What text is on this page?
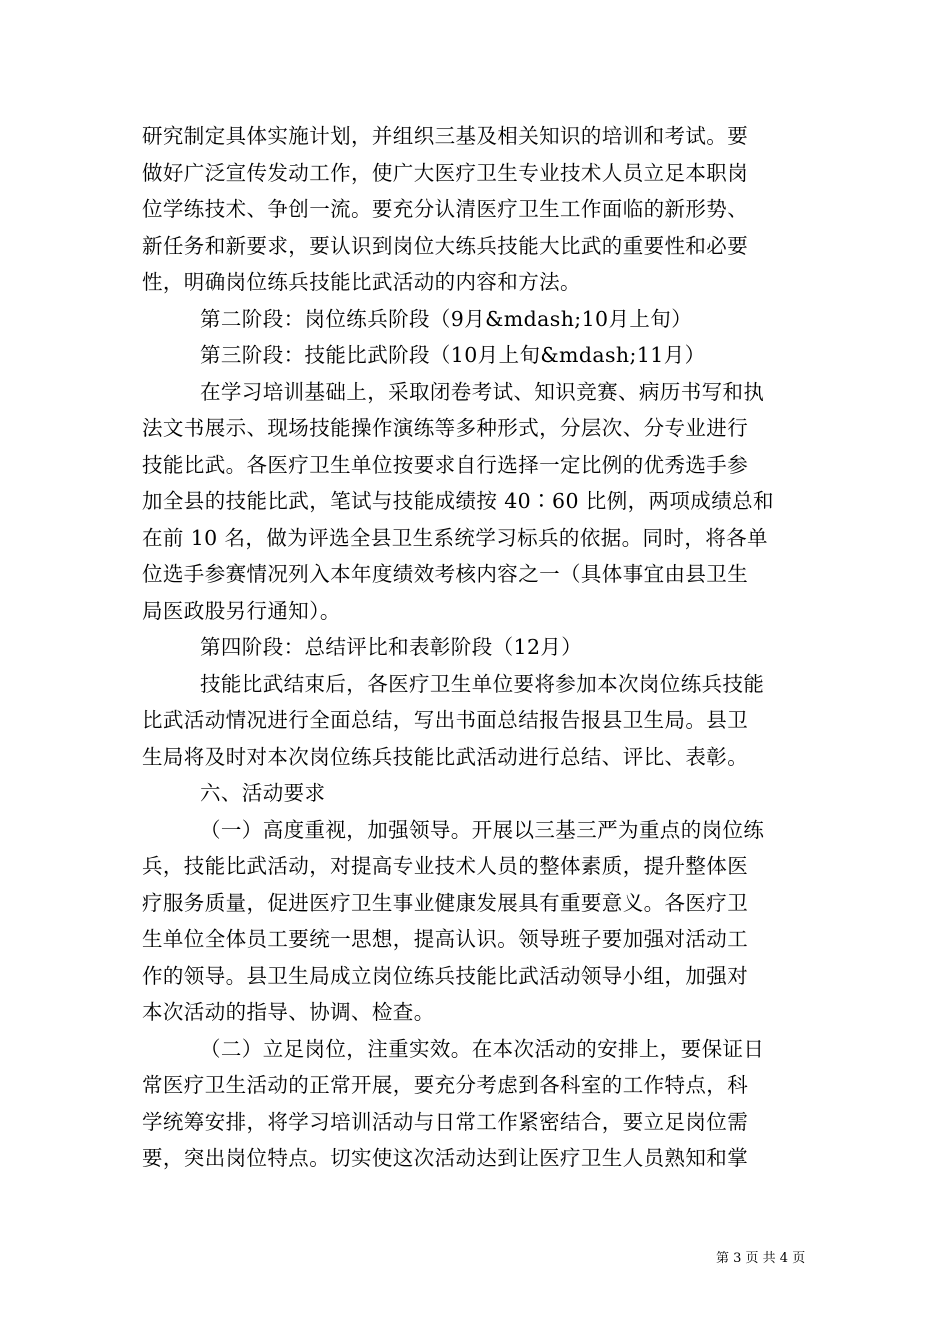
研究制定具体实施计划，并组织三基及相关知识的培训和考试。要
做好广泛宣传发动工作，使广大医疗卫生专业技术人员立足本职岗
位学练技术、争创一流。要充分认清医疗卫生工作面临的新形势、
新任务和新要求，要认识到岗位大练兵技能大比武的重要性和必要
性，明确岗位练兵技能比武活动的内容和方法。
第二阶段：岗位练兵阶段（9月&mdash;10月上旬）
第三阶段：技能比武阶段（10月上旬&mdash;11月）
在学习培训基础上，采取闭卷考试、知识竞赛、病历书写和执
法文书展示、现场技能操作演练等多种形式，分层次、分专业进行
技能比武。各医疗卫生单位按要求自行选择一定比例的优秀选手参
加全县的技能比武，笔试与技能成绩按 40∶60 比例，两项成绩总和
在前 10 名，做为评选全县卫生系统学习标兵的依据。同时，将各单
位选手参赛情况列入本年度绩效考核内容之一（具体事宜由县卫生
局医政股另行通知）。
第四阶段：总结评比和表彰阶段（12月）
技能比武结束后，各医疗卫生单位要将参加本次岗位练兵技能
比武活动情况进行全面总结，写出书面总结报告报县卫生局。县卫
生局将及时对本次岗位练兵技能比武活动进行总结、评比、表彰。
六、活动要求
（一）高度重视，加强领导。开展以三基三严为重点的岗位练
兵，技能比武活动，对提高专业技术人员的整体素质，提升整体医
疗服务质量，促进医疗卫生事业健康发展具有重要意义。各医疗卫
生单位全体员工要统一思想，提高认识。领导班子要加强对活动工
作的领导。县卫生局成立岗位练兵技能比武活动领导小组，加强对
本次活动的指导、协调、检查。
（二）立足岗位，注重实效。在本次活动的安排上，要保证日
常医疗卫生活动的正常开展，要充分考虑到各科室的工作特点，科
学统筹安排，将学习培训活动与日常工作紧密结合，要立足岗位需
要，突出岗位特点。切实使这次活动达到让医疗卫生人员熟知和掌
第 3 页 共 4 页
